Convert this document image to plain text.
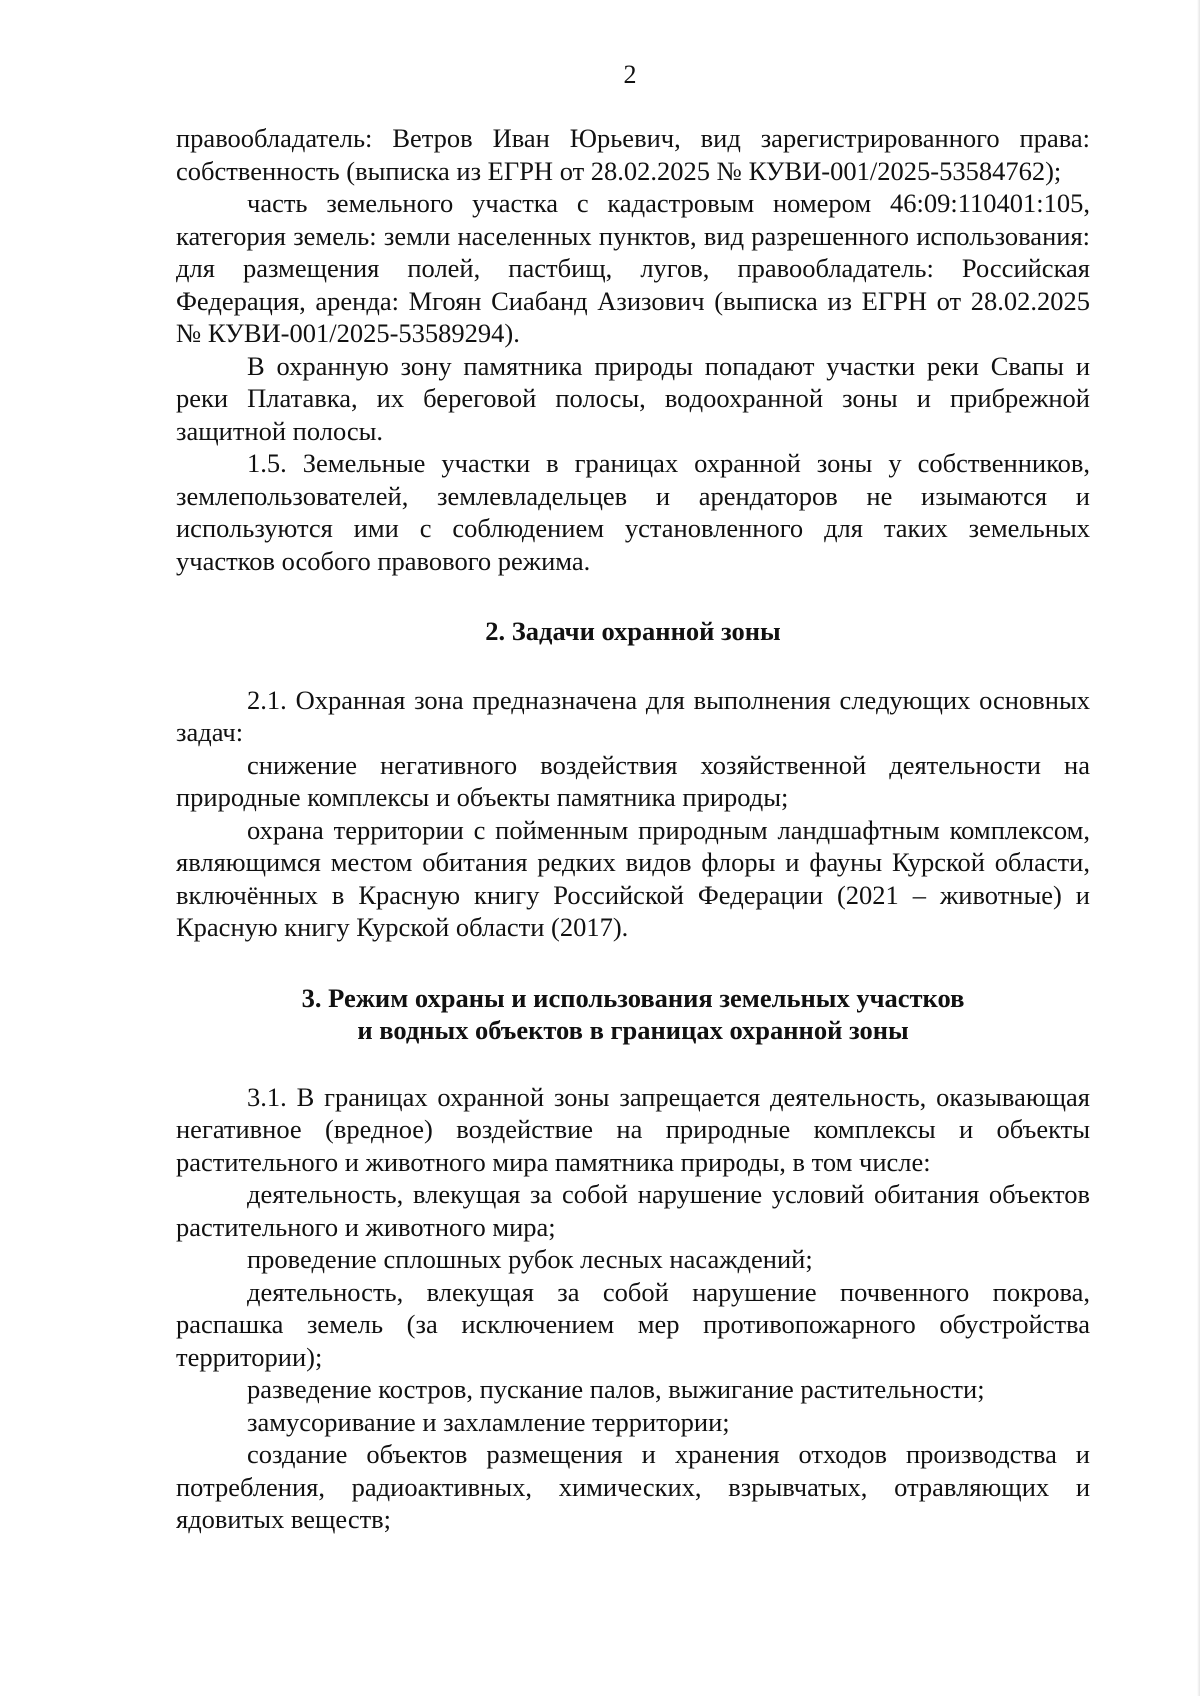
2

правообладатель: Ветров Иван Юрьевич, вид зарегистрированного права: собственность (выписка из ЕГРН от 28.02.2025 № КУВИ-001/2025-53584762);

часть земельного участка с кадастровым номером 46:09:110401:105, категория земель: земли населенных пунктов, вид разрешенного использования: для размещения полей, пастбищ, лугов, правообладатель: Российская Федерация, аренда: Мгоян Сиабанд Азизович (выписка из ЕГРН от 28.02.2025 № КУВИ-001/2025-53589294).

В охранную зону памятника природы попадают участки реки Свапы и реки Платавка, их береговой полосы, водоохранной зоны и прибрежной защитной полосы.

1.5. Земельные участки в границах охранной зоны у собственников, землепользователей, землевладельцев и арендаторов не изымаются и используются ими с соблюдением установленного для таких земельных участков особого правового режима.

2. Задачи охранной зоны

2.1. Охранная зона предназначена для выполнения следующих основных задач:

снижение негативного воздействия хозяйственной деятельности на природные комплексы и объекты памятника природы;

охрана территории с пойменным природным ландшафтным комплексом, являющимся местом обитания редких видов флоры и фауны Курской области, включённых в Красную книгу Российской Федерации (2021 – животные) и Красную книгу Курской области (2017).

3. Режим охраны и использования земельных участков
и водных объектов в границах охранной зоны

3.1. В границах охранной зоны запрещается деятельность, оказывающая негативное (вредное) воздействие на природные комплексы и объекты растительного и животного мира памятника природы, в том числе:

деятельность, влекущая за собой нарушение условий обитания объектов растительного и животного мира;

проведение сплошных рубок лесных насаждений;

деятельность, влекущая за собой нарушение почвенного покрова, распашка земель (за исключением мер противопожарного обустройства территории);

разведение костров, пускание палов, выжигание растительности;

замусоривание и захламление территории;

создание объектов размещения и хранения отходов производства и потребления, радиоактивных, химических, взрывчатых, отравляющих и ядовитых веществ;
